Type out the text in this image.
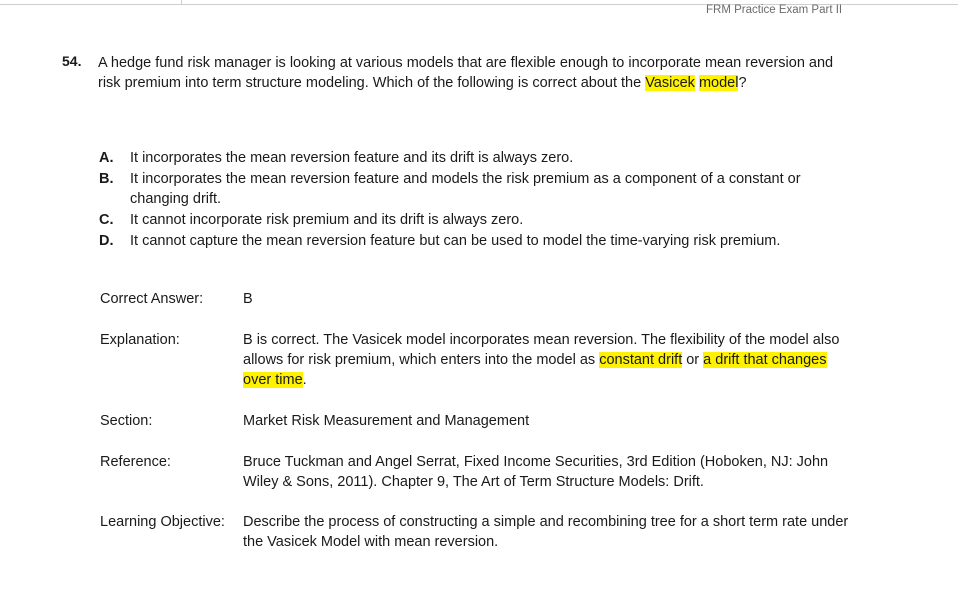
FRM Practice Exam Part II
54. A hedge fund risk manager is looking at various models that are flexible enough to incorporate mean reversion and risk premium into term structure modeling. Which of the following is correct about the Vasicek model?
A. It incorporates the mean reversion feature and its drift is always zero.
B. It incorporates the mean reversion feature and models the risk premium as a component of a constant or changing drift.
C. It cannot incorporate risk premium and its drift is always zero.
D. It cannot capture the mean reversion feature but can be used to model the time-varying risk premium.
Correct Answer:	B
Explanation:	B is correct. The Vasicek model incorporates mean reversion. The flexibility of the model also allows for risk premium, which enters into the model as constant drift or a drift that changes over time.
Section:	Market Risk Measurement and Management
Reference:	Bruce Tuckman and Angel Serrat, Fixed Income Securities, 3rd Edition (Hoboken, NJ: John Wiley & Sons, 2011). Chapter 9, The Art of Term Structure Models: Drift.
Learning Objective: Describe the process of constructing a simple and recombining tree for a short term rate under the Vasicek Model with mean reversion.
